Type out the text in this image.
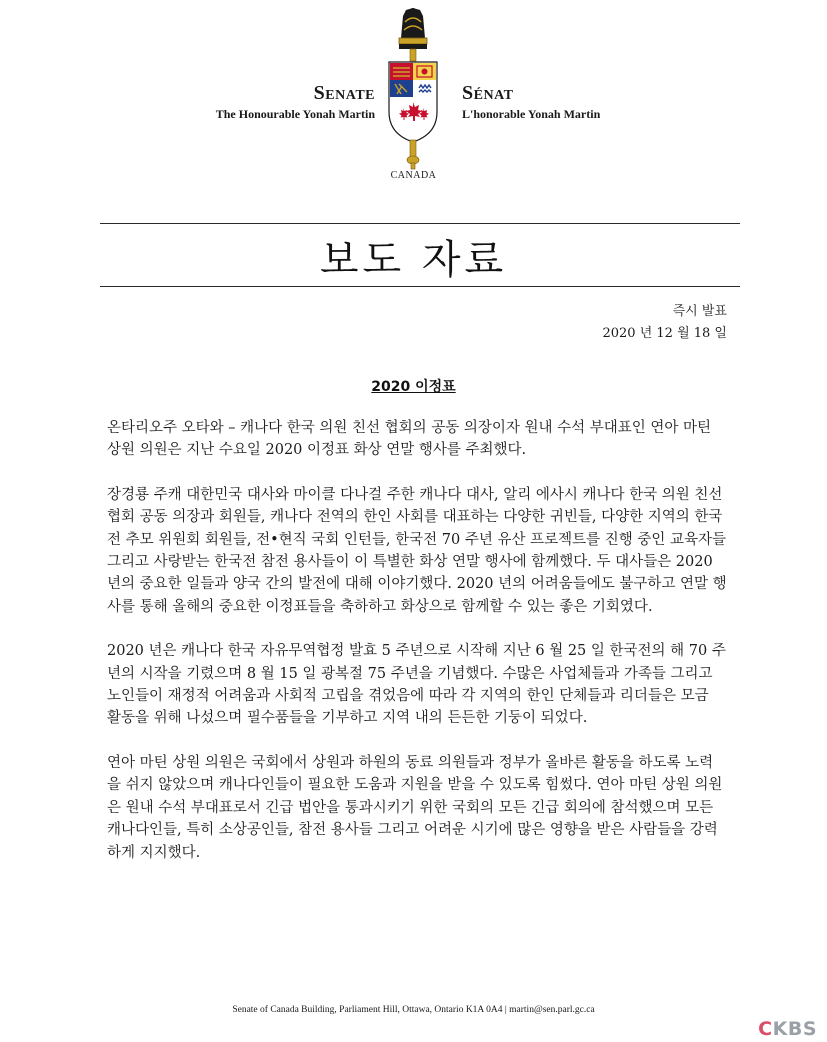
Senate	Sénat
The Honourable Yonah Martin	L'honorable Yonah Martin
CANADA
보도 자료
즉시 발표
2020 년 12 월 18 일
2020 이정표

온타리오주 오타와 – 캐나다 한국 의원 친선 협회의 공동 의장이자 원내 수석 부대표인 연아 마틴 상원 의원은 지난 수요일 2020 이정표 화상 연말 행사를 주최했다.

장경룡 주캐 대한민국 대사와 마이클 다나걸 주한 캐나다 대사, 알리 에사시 캐나다 한국 의원 친선 협회 공동 의장과 회원들, 캐나다 전역의 한인 사회를 대표하는 다양한 귀빈들, 다양한 지역의 한국전 추모 위원회 회원들, 전•현직 국회 인턴들, 한국전 70 주년 유산 프로젝트를 진행 중인 교육자들 그리고 사랑받는 한국전 참전 용사들이 이 특별한 화상 연말 행사에 함께했다. 두 대사들은 2020 년의 중요한 일들과 양국 간의 발전에 대해 이야기했다. 2020 년의 어려움들에도 불구하고 연말 행사를 통해 올해의 중요한 이정표들을 축하하고 화상으로 함께할 수 있는 좋은 기회였다.

2020 년은 캐나다 한국 자유무역협정 발효 5 주년으로 시작해 지난 6 월 25 일 한국전의 해 70 주년의 시작을 기렸으며 8 월 15 일 광복절 75 주년을 기념했다. 수많은 사업체들과 가족들 그리고 노인들이 재정적 어려움과 사회적 고립을 겪었음에 따라 각 지역의 한인 단체들과 리더들은 모금 활동을 위해 나섰으며 필수품들을 기부하고 지역 내의 든든한 기둥이 되었다.

연아 마틴 상원 의원은 국회에서 상원과 하원의 동료 의원들과 정부가 올바른 활동을 하도록 노력을 쉬지 않았으며 캐나다인들이 필요한 도움과 지원을 받을 수 있도록 힘썼다. 연아 마틴 상원 의원은 원내 수석 부대표로서 긴급 법안을 통과시키기 위한 국회의 모든 긴급 회의에 참석했으며 모든 캐나다인들, 특히 소상공인들, 참전 용사들 그리고 어려운 시기에 많은 영향을 받은 사람들을 강력하게 지지했다.

Senate of Canada Building, Parliament Hill, Ottawa, Ontario K1A 0A4 | martin@sen.parl.gc.ca
CKBS
